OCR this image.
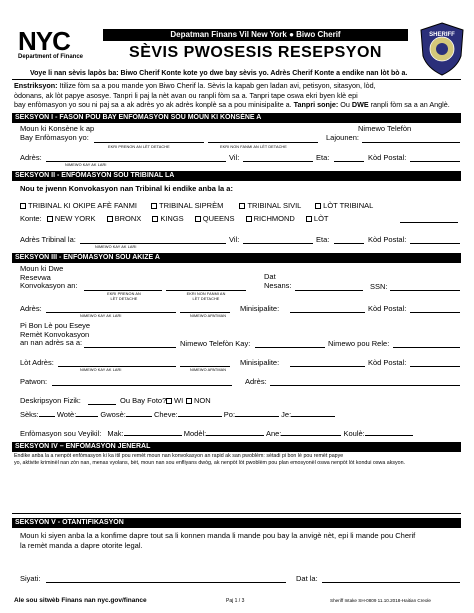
NYC
Department of Finance
Depatman Finans Vil New York ● Biwo Cherif
SÈVIS PWOSESIS RESEPSYON
SHERIFF
Voye li nan sèvis lapòs ba: Biwo Cherif Konte kote yo dwe bay sèvis yo. Adrès Cherif Konte a endike nan lòt bò a.
Enstriksyon: Itilize fòm sa a pou mande yon Biwo Cherif la. Sèvis la kapab gen ladan avi, petisyon, sitasyon, lòd,
òdonans, ak lòt papye asosye. Tanpri li paj la nèt avan ou ranpli fòm sa a. Tanpri tape oswa ekri byen klè epi
bay enfòmasyon yo sou ni paj sa a ak adrès yo ak adrès konplè sa a pou minisipalite a. Tanpri sonje: Ou DWE ranpli fòm sa a an Anglè.
SEKSYON I - FASON POU BAY ENFÒMASYON SOU MOUN KI KONSÈNE A
Moun ki Konsène k ap
Bay Enfòmasyon yo:
Nimewo Telefòn
Lajounen:
EKRI PRENON AN LÈT DETACHE	EKRI NON FANMI AN LÈT DETACHE
Adrès:	Vil:	Eta:	Kòd Postal:
NIMEWO KAY AK LARI
SEKSYON II - ENFÒMASYON SOU TRIBINAL LA
Nou te jwenn Konvokasyon nan Tribinal ki endike anba la a:
TRIBINAL KI OKIPE AFÈ FANMI	TRIBINAL SIPRÈM	TRIBINAL SIVIL	LÒT TRIBINAL
Konte: NEW YORK	BRONX	KINGS	QUEENS	RICHMOND	LÒT
Adrès Tribinal la:	Vil:	Eta:	Kòd Postal:
NIMEWO KAY AK LARI
SEKSYON III - ENFÒMASYON SOU AKIZE A
Moun ki Dwe
Resevwa
Konvokasyon an:
Dat
Nesans:	SSN:
EKRI PRENON AN LÈT DETACHE
EKRI NON FANMI AN LÈT DETACHE
Adrès:	Minisipalite:	Kòd Postal:
NIMEWO KAY AK LARI	NIMEWO APATMAN
Pi Bon Lè pou Eseye
Remèt Konvokasyon
an nan adrès sa a:	Nimewo Telefòn Kay:	Nimewo pou Rele:
Lòt Adrès:	Minisipalite:	Kòd Postal:
NIMEWO KAY AK LARI	NIMEWO APATMAN
Patwon:	Adrès:
Deskripsyon Fizik:	Ou Bay Foto?	WI	NON
Sèks: Wotè:	Gwosè:	Cheve:	Po:	Je:
Enfòmasyon sou Veyikil: Mak:	Modèl:	Ane:	Koulè:
SEKSYON IV – ENFÒMASYON JENERAL
Endike anba la a nenpòt enfòmasyon ki ka itil pou remèt moun nan konvokasyon an rapid ak san pwoblèm: sètadi pi bon lè pou remèt papye
yo, aktivite kriminèl nan zòn nan, menas vyolans, bèt, moun nan sou enfliyans dwòg, ak nenpòt lòt pwoblèm pou plan emosyonèl oswa nenpòt lòt kondui oswa aksyon.
SEKSYON V - OTANTIFIKASYON
Moun ki siyen anba la a konfime dapre tout sa li konnen manda li mande pou bay la anvigè nèt, epi li mande pou Cherif
la remèt manda a dapre otorite legal.
Siyati:	Dat la:
Ale sou sitwèb Finans nan nyc.gov/finance	Paj 1 / 3	Sheriff Intake SH-0809 11.10.2018-Haitian Creole
